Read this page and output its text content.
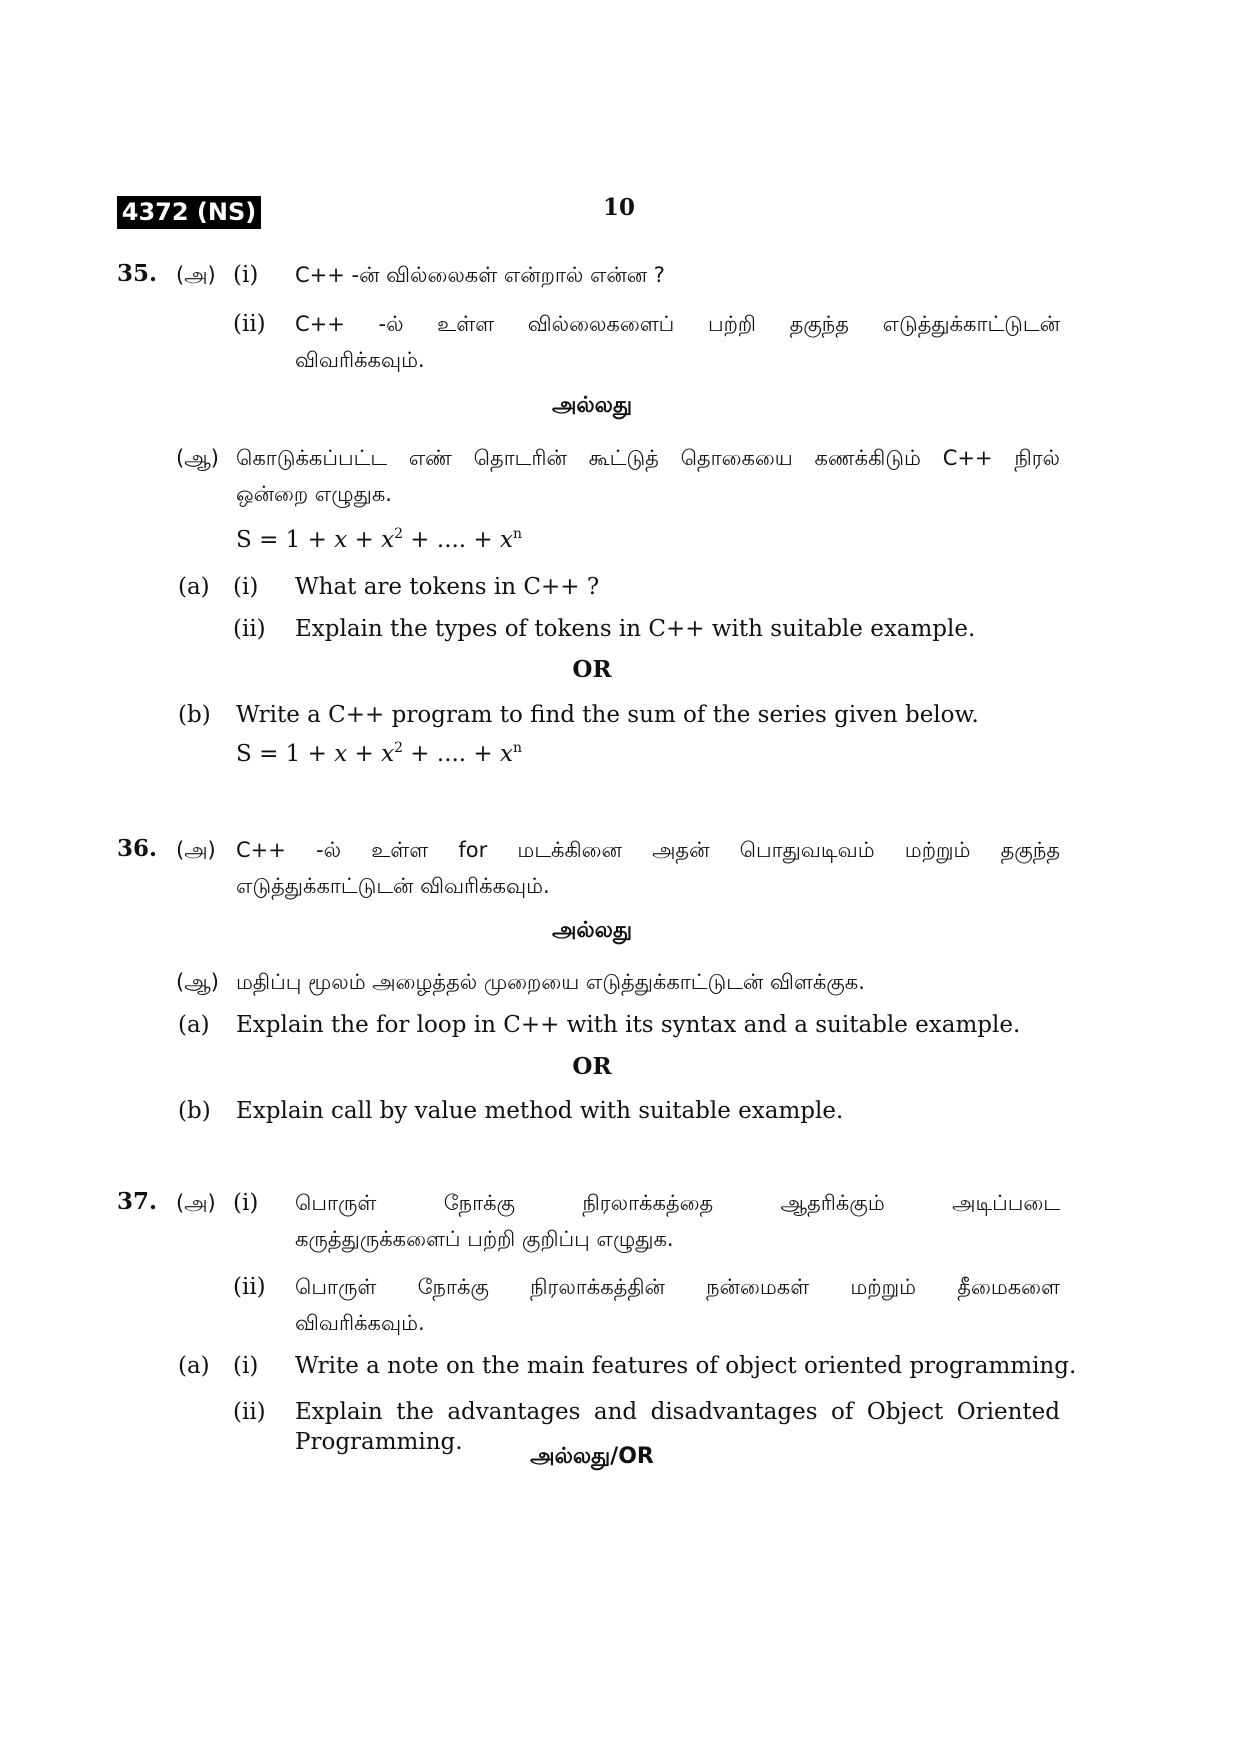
4372 (NS)	10
35. (அ) (i) C++ -ன் வில்லைகள் என்றால் என்ன ?
(ii) C++ -ல் உள்ள வில்லைகளைப் பற்றி தகுந்த எடுத்துக்காட்டுடன்
விவரிக்கவும்.
அல்லது
(ஆ) கொடுக்கப்பட்ட எண் தொடரின் கூட்டுத் தொகையை கணக்கிடும் C++ நிரல்
ஒன்றை எழுதுக.
$S = 1 + x + x^2$ + .... + $x^n$
(a) (i) What are tokens in C++ ?
(ii) Explain the types of tokens in C++ with suitable example.
OR
(b) Write a C++ program to find the sum of the series given below.
$S = 1 + x + x^2$ + .... + $x^n$
36. (அ) C++ -ல் உள்ள for மடக்கினை அதன் பொதுவடிவம் மற்றும் தகுந்த
எடுத்துக்காட்டுடன் விவரிக்கவும்.
அல்லது
(ஆ) மதிப்பு மூலம் அழைத்தல் முறையை எடுத்துக்காட்டுடன் விளக்குக.
(a) Explain the for loop in C++ with its syntax and a suitable example.
OR
(b) Explain call by value method with suitable example.
37. (அ) (i) பொருள் நோக்கு நிரலாக்கத்தை ஆதரிக்கும் அடிப்படை
கருத்துருக்களைப் பற்றி குறிப்பு எழுதுக.
(ii) பொருள் நோக்கு நிரலாக்கத்தின் நன்மைகள் மற்றும் தீமைகளை
விவரிக்கவும்.
(a) (i) Write a note on the main features of object oriented programming.
(ii) Explain the advantages and disadvantages of Object Oriented Programming.
அல்லது/OR
